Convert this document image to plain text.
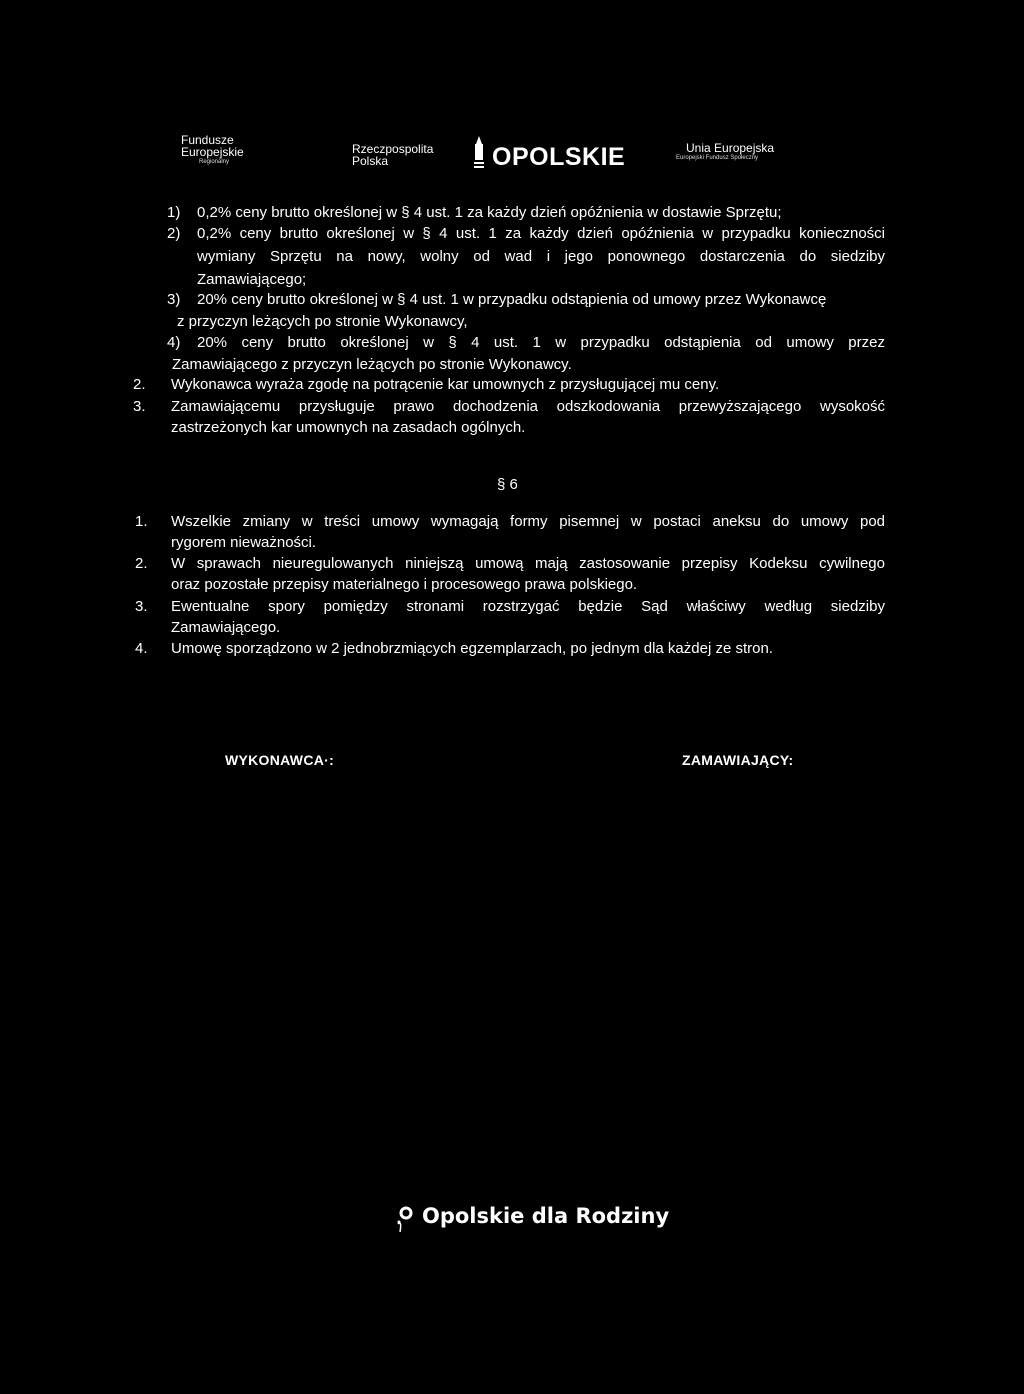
Fundusze
Europejskie
Regionalny
Rzeczpospolita
Polska	OPOLSKIE	Unia Europejska
Europejski Fundusz Społeczny
1) 0,2% ceny brutto określonej w § 4 ust. 1 za każdy dzień opóźnienia w dostawie Sprzętu;
2) 0,2% ceny brutto określonej w § 4 ust. 1 za każdy dzień opóźnienia w przypadku konieczności
wymiany Sprzętu na nowy, wolny od wad i jego ponownego dostarczenia do siedziby
Zamawiającego;
3) 20% ceny brutto określonej w § 4 ust. 1 w przypadku odstąpienia od umowy przez Wykonawcę
z przyczyn leżących po stronie Wykonawcy,
4) 20% ceny brutto określonej w § 4 ust. 1 w przypadku odstąpienia od umowy przez
Zamawiającego z przyczyn leżących po stronie Wykonawcy.
2. Wykonawca wyraża zgodę na potrącenie kar umownych z przysługującej mu ceny.
3. Zamawiającemu przysługuje prawo dochodzenia odszkodowania przewyższającego wysokość
zastrzeżonych kar umownych na zasadach ogólnych.
§ 6
1. Wszelkie zmiany w treści umowy wymagają formy pisemnej w postaci aneksu do umowy pod
rygorem nieważności.
2. W sprawach nieuregulowanych niniejszą umową mają zastosowanie przepisy Kodeksu cywilnego
oraz pozostałe przepisy materialnego i procesowego prawa polskiego.
3. Ewentualne spory pomiędzy stronami rozstrzygać będzie Sąd właściwy według siedziby
Zamawiającego.
4. Umowę sporządzono w 2 jednobrzmiących egzemplarzach, po jednym dla każdej ze stron.
WYKONAWCA·:	ZAMAWIAJĄCY:
Opolskie dla Rodziny
